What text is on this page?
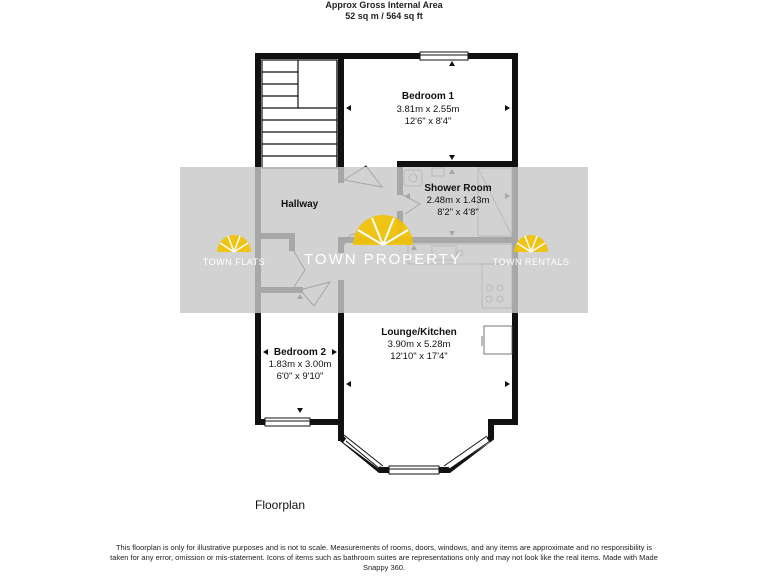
Approx Gross Internal Area
52 sq m / 564 sq ft
TOWN FLATS	TOWN PROPERTY	TOWN RENTALS
Bedroom 1
3.81m x 2.55m
12'6" x 8'4"
Shower Room
2.48m x 1.43m
8'2" x 4'8"
Hallway
Lounge/Kitchen
3.90m x 5.28m
12'10" x 17'4"
Bedroom 2
1.83m x 3.00m
6'0" x 9'10"
Floorplan
This floorplan is only for illustrative purposes and is not to scale. Measurements of rooms, doors, windows, and any items are approximate and no responsibility is taken for any error, omission or mis-statement. Icons of items such as bathroom suites are representations only and may not look like the real items. Made with Made Snappy 360.
